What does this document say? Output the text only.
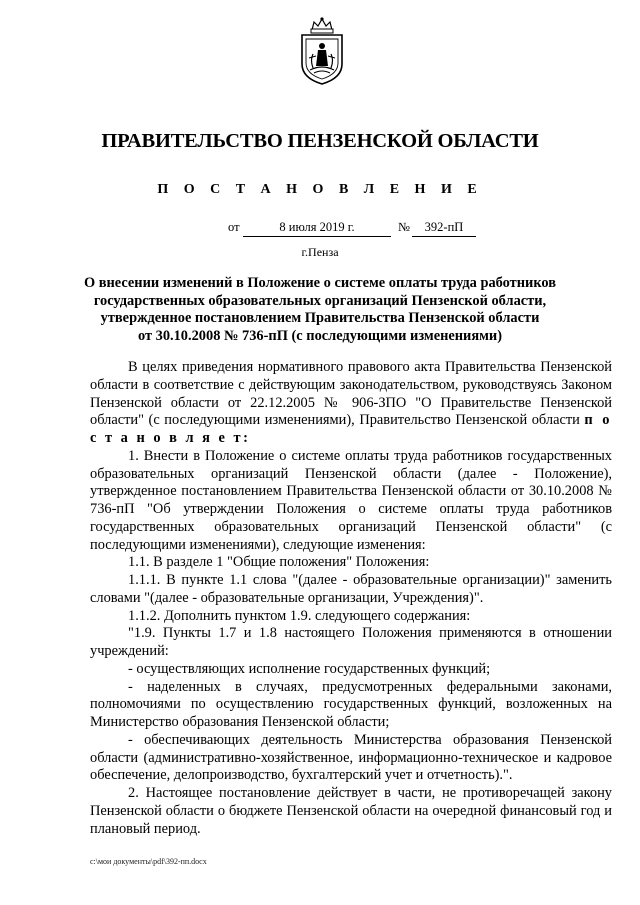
ПРАВИТЕЛЬСТВО ПЕНЗЕНСКОЙ ОБЛАСТИ
П О С Т А Н О В Л Е Н И Е
от	8 июля 2019 г.	№	392-пП
г.Пенза
О внесении изменений в Положение о системе оплаты труда работников
государственных образовательных организаций Пензенской области,
утвержденное постановлением Правительства Пензенской области
от 30.10.2008 № 736-пП (с последующими изменениями)

В целях приведения нормативного правового акта Правительства Пензенской области в соответствие с действующим законодательством, руководствуясь Законом Пензенской области от 22.12.2005 № 906-ЗПО "О Правительстве Пензенской области" (с последующими изменениями), Правительство Пензенской области п о с т а н о в л я е т:

1. Внести в Положение о системе оплаты труда работников государственных образовательных организаций Пензенской области (далее - Положение), утвержденное постановлением Правительства Пензенской области от 30.10.2008 № 736-пП "Об утверждении Положения о системе оплаты труда работников государственных образовательных организаций Пензенской области" (с последующими изменениями), следующие изменения:

1.1. В разделе 1 "Общие положения" Положения:

1.1.1. В пункте 1.1 слова "(далее - образовательные организации)" заменить словами "(далее - образовательные организации, Учреждения)".

1.1.2. Дополнить пунктом 1.9. следующего содержания:

"1.9. Пункты 1.7 и 1.8 настоящего Положения применяются в отношении учреждений:

- осуществляющих исполнение государственных функций;

- наделенных в случаях, предусмотренных федеральными законами, полномочиями по осуществлению государственных функций, возложенных на Министерство образования Пензенской области;

- обеспечивающих деятельность Министерства образования Пензенской области (административно-хозяйственное, информационно-техническое и кадровое обеспечение, делопроизводство, бухгалтерский учет и отчетность).".

2. Настоящее постановление действует в части, не противоречащей закону Пензенской области о бюджете Пензенской области на очередной финансовый год и плановый период.

c:\мои документы\pdf\392-пп.docx
